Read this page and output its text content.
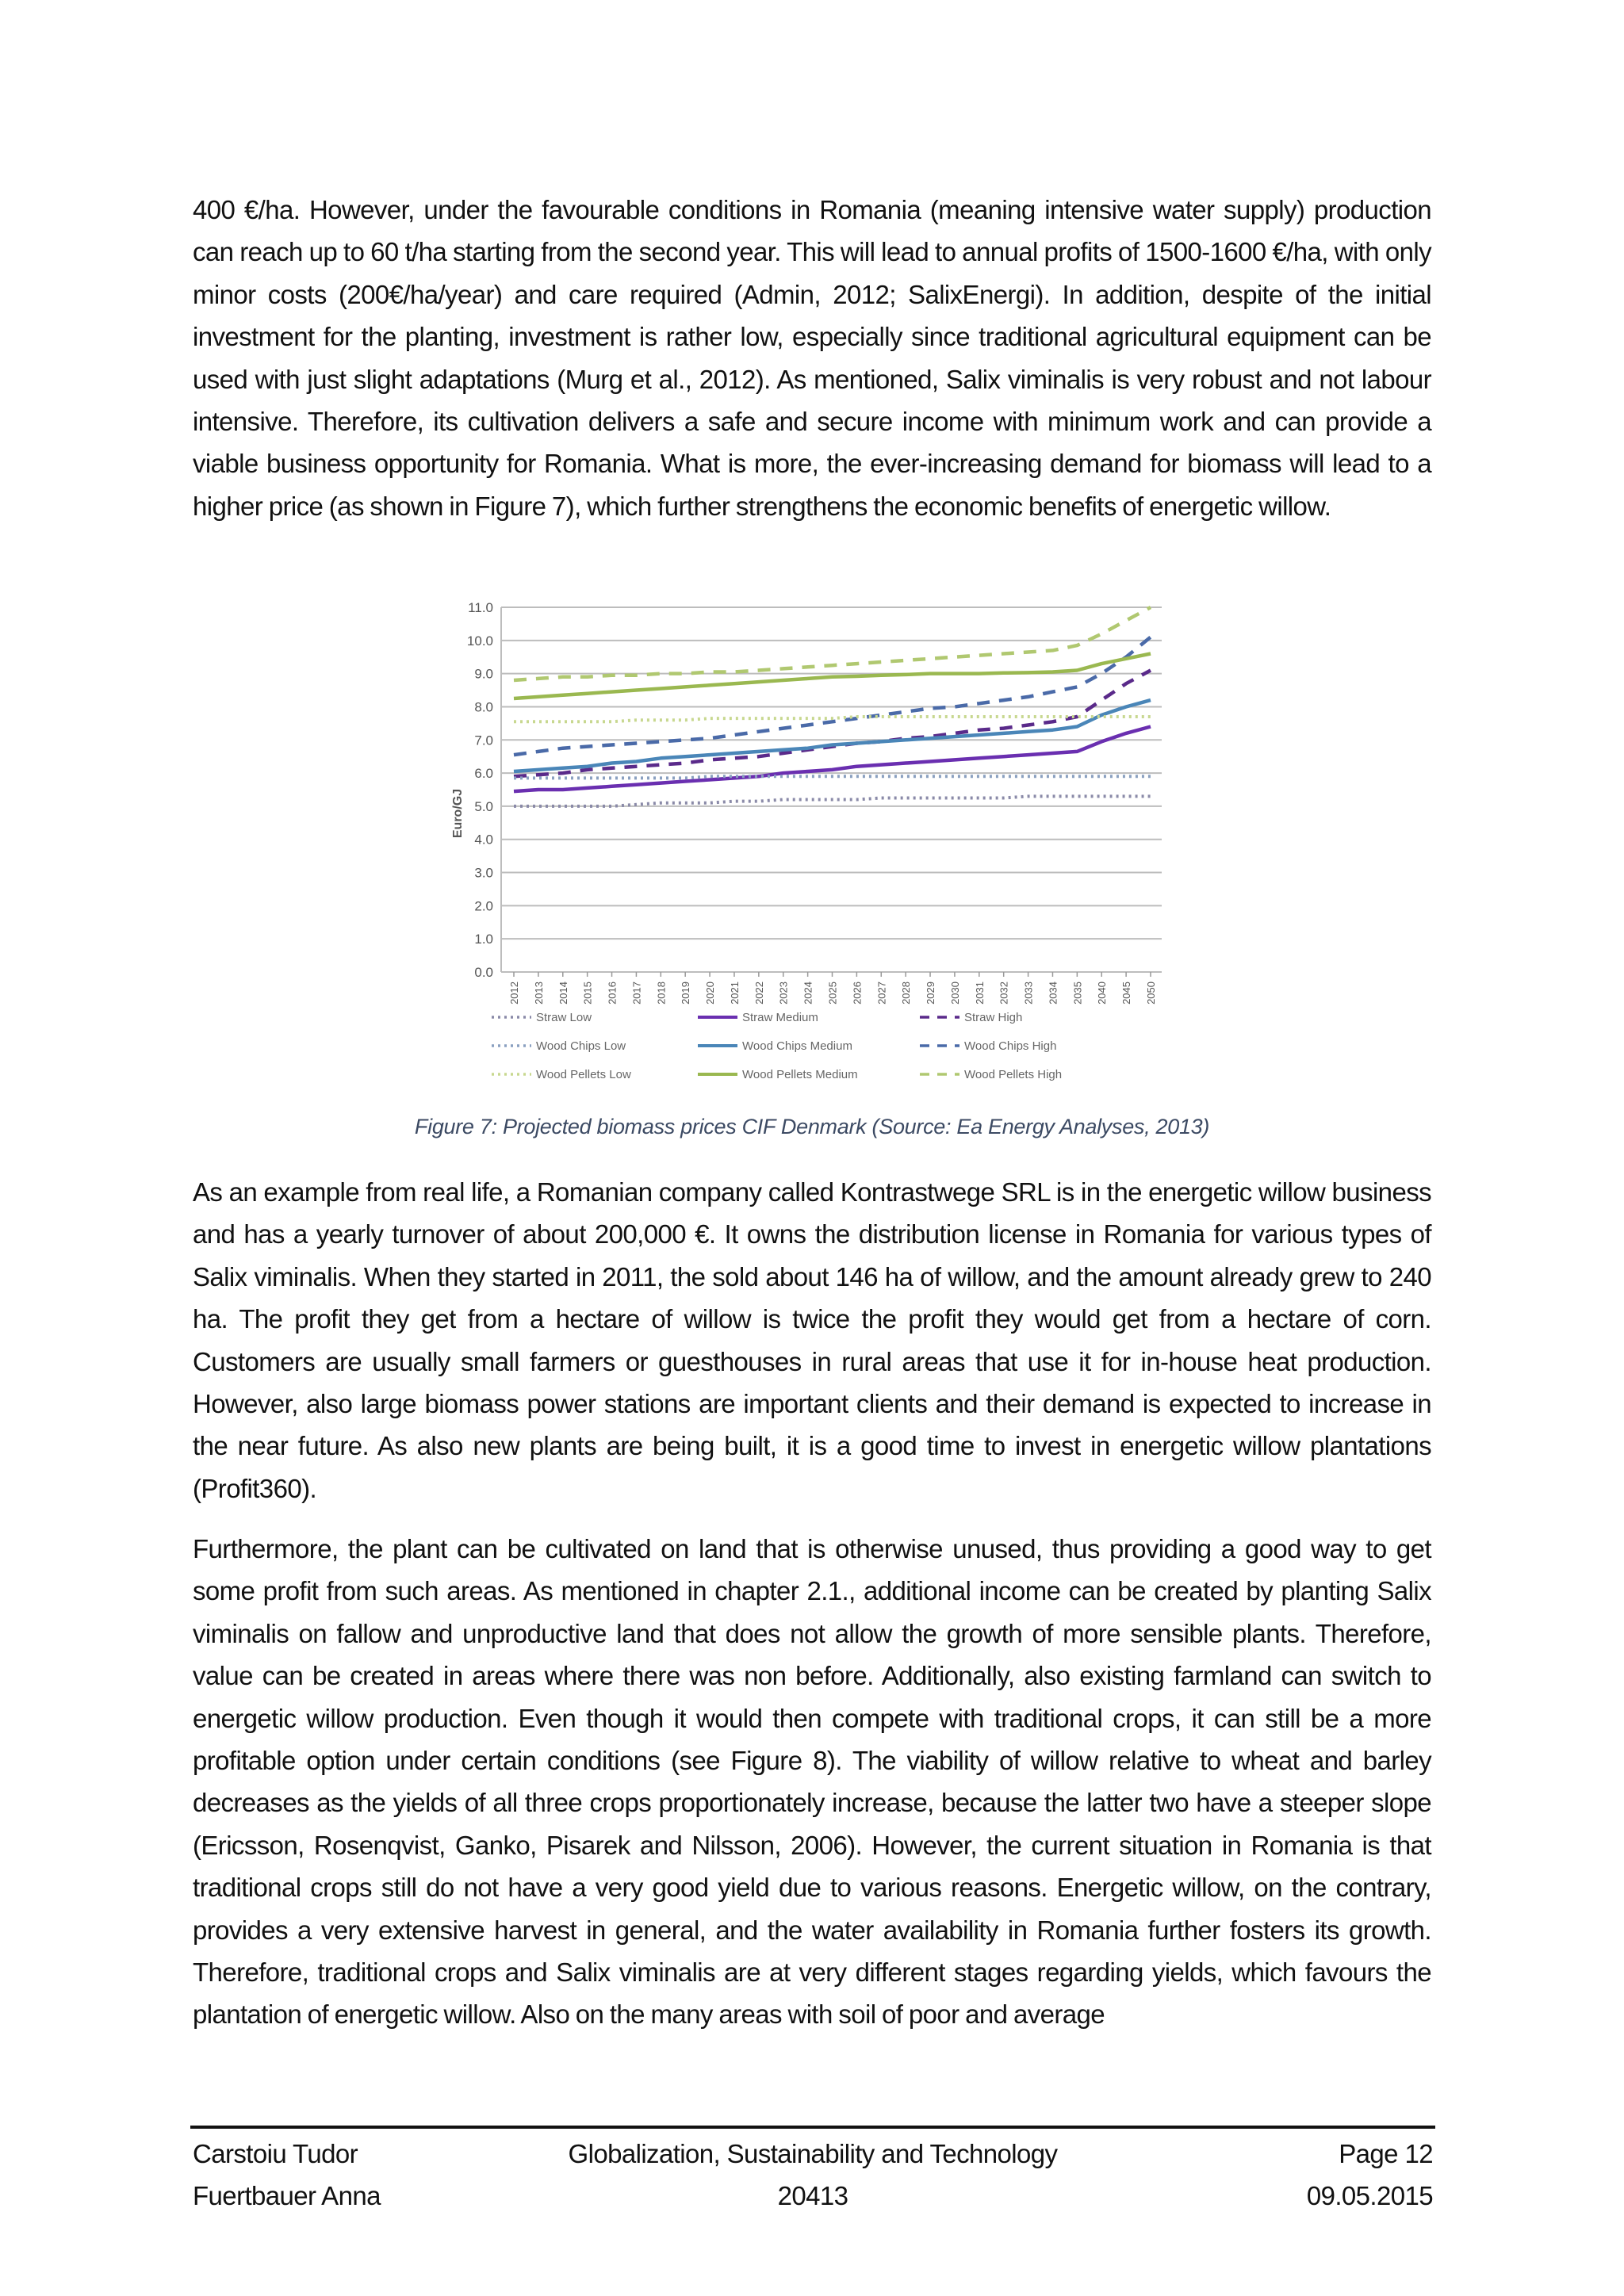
400 €/ha. However, under the favourable conditions in Romania (meaning intensive water supply) production can reach up to 60 t/ha starting from the second year. This will lead to annual profits of 1500-1600 €/ha, with only minor costs (200€/ha/year) and care required (Admin, 2012; SalixEnergi). In addition, despite of the initial investment for the planting, investment is rather low, especially since traditional agricultural equipment can be used with just slight adaptations (Murg et al., 2012). As mentioned, Salix viminalis is very robust and not labour intensive. Therefore, its cultivation delivers a safe and secure income with minimum work and can provide a viable business opportunity for Romania. What is more, the ever-increasing demand for biomass will lead to a higher price (as shown in Figure 7), which further strengthens the economic benefits of energetic willow.
0.0
1.0
2.0
3.0
4.0
5.0
6.0
7.0
8.0
9.0
10.0
11.0
Euro/GJ
2012 2013 2014 2015 2016 2017 2018 2019 2020 2021 2022 2023 2024 2025 2026 2027 2028 2029 2030 2031 2032 2033 2034 2035 2040 2045 2050
Straw Low	Straw Medium	Straw High
Wood Chips Low	Wood Chips Medium	Wood Chips High
Wood Pellets Low	Wood Pellets Medium	Wood Pellets High
Figure 7: Projected biomass prices CIF Denmark (Source: Ea Energy Analyses, 2013)
As an example from real life, a Romanian company called Kontrastwege SRL is in the energetic willow business and has a yearly turnover of about 200,000 €. It owns the distribution license in Romania for various types of Salix viminalis. When they started in 2011, the sold about 146 ha of willow, and the amount already grew to 240 ha. The profit they get from a hectare of willow is twice the profit they would get from a hectare of corn. Customers are usually small farmers or guesthouses in rural areas that use it for in-house heat production. However, also large biomass power stations are important clients and their demand is expected to increase in the near future. As also new plants are being built, it is a good time to invest in energetic willow plantations (Profit360).
Furthermore, the plant can be cultivated on land that is otherwise unused, thus providing a good way to get some profit from such areas. As mentioned in chapter 2.1., additional income can be created by planting Salix viminalis on fallow and unproductive land that does not allow the growth of more sensible plants. Therefore, value can be created in areas where there was non before. Additionally, also existing farmland can switch to energetic willow production. Even though it would then compete with traditional crops, it can still be a more profitable option under certain conditions (see Figure 8). The viability of willow relative to wheat and barley decreases as the yields of all three crops proportionately increase, because the latter two have a steeper slope (Ericsson, Rosenqvist, Ganko, Pisarek and Nilsson, 2006). However, the current situation in Romania is that traditional crops still do not have a very good yield due to various reasons. Energetic willow, on the contrary, provides a very extensive harvest in general, and the water availability in Romania further fosters its growth. Therefore, traditional crops and Salix viminalis are at very different stages regarding yields, which favours the plantation of energetic willow. Also on the many areas with soil of poor and average
Carstoiu Tudor
Fuertbauer Anna
Globalization, Sustainability and Technology
20413
Page 12
09.05.2015
